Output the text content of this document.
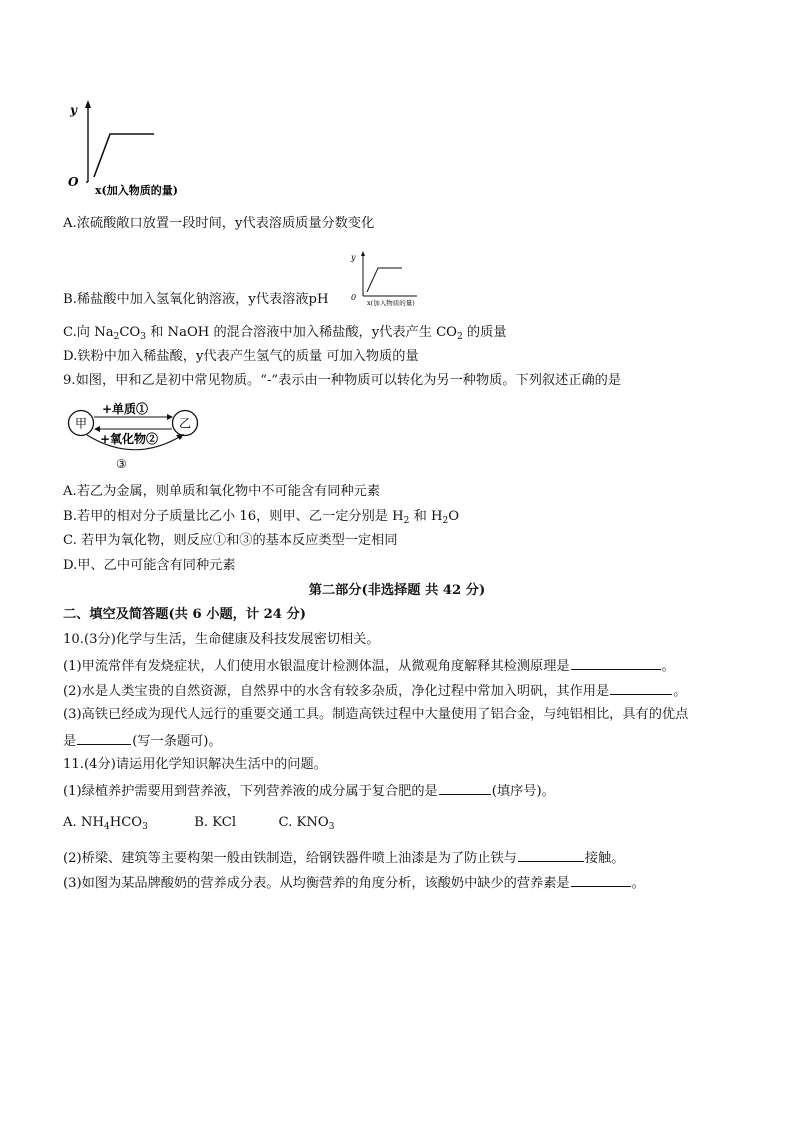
y
O
x(加入物质的量)
A.浓硫酸敞口放置一段时间，y代表溶质质量分数变化
y
0
x(加入物质的量)
B.稀盐酸中加入氢氧化钠溶液，y代表溶液pH
C.向 $Na_2CO_3$ 和 NaOH 的混合溶液中加入稀盐酸，y代表产生 $CO_2$ 的质量
D.铁粉中加入稀盐酸，y代表产生氢气的质量 可加入物质的量
9.如图，甲和乙是初中常见物质。“-”表示由一种物质可以转化为另一种物质。下列叙述正确的是
甲	乙
+单质①
+氧化物②
③
A.若乙为金属，则单质和氧化物中不可能含有同种元素
B.若甲的相对分子质量比乙小 16，则甲、乙一定分别是 $H_2$ 和 $H_2O$
C. 若甲为氧化物，则反应①和③的基本反应类型一定相同
D.甲、乙中可能含有同种元素
第二部分(非选择题 共 42 分)
二、填空及简答题(共 6 小题，计 24 分)
10.(3分)化学与生活，生命健康及科技发展密切相关。
(1)甲流常伴有发烧症状，人们使用水银温度计检测体温，从微观角度解释其检测原理是	。
(2)水是人类宝贵的自然资源，自然界中的水含有较多杂质，净化过程中常加入明矾，其作用是	。
(3)高铁已经成为现代人远行的重要交通工具。制造高铁过程中大量使用了铝合金，与纯铝相比，具有的优点
是	(写一条题可)。
11.(4分)请运用化学知识解决生活中的问题。
(1)绿植养护需要用到营养液，下列营养液的成分属于复合肥的是	(填序号)。
A. $NH_4HCO_3$	B. KCl	C. $KNO_3$
(2)桥梁、建筑等主要构架一般由铁制造，给钢铁器件喷上油漆是为了防止铁与	接触。
(3)如图为某品牌酸奶的营养成分表。从均衡营养的角度分析，该酸奶中缺少的营养素是	。
